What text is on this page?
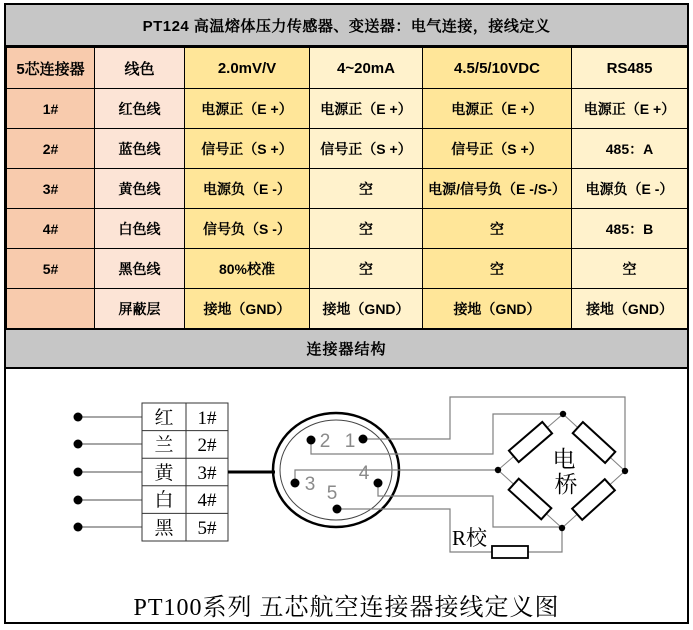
PT124 高温熔体压力传感器、变送器：电气连接，接线定义
5芯连接器	线色	2.0mV/V	4~20mA	4.5/5/10VDC	RS485
1#	红色线	电源正（E +）	电源正（E +）	电源正（E +）	电源正（E +）
2#	蓝色线	信号正（S +）	信号正（S +）	信号正（S +）	485：A
3#	黄色线	电源负（E -）	空	电源/信号负（E -/S-）	电源负（E -）
4#	白色线	信号负（S -）	空	空	485：B
5#	黑色线	80%校准	空	空	空
	屏蔽层	接地（GND）	接地（GND）	接地（GND）	接地（GND）
连接器结构
红 1#
兰 2#
黄 3#
白 4#
黑 5#
1
2
3
4
5
电
桥
R校
PT100系列 五芯航空连接器接线定义图
